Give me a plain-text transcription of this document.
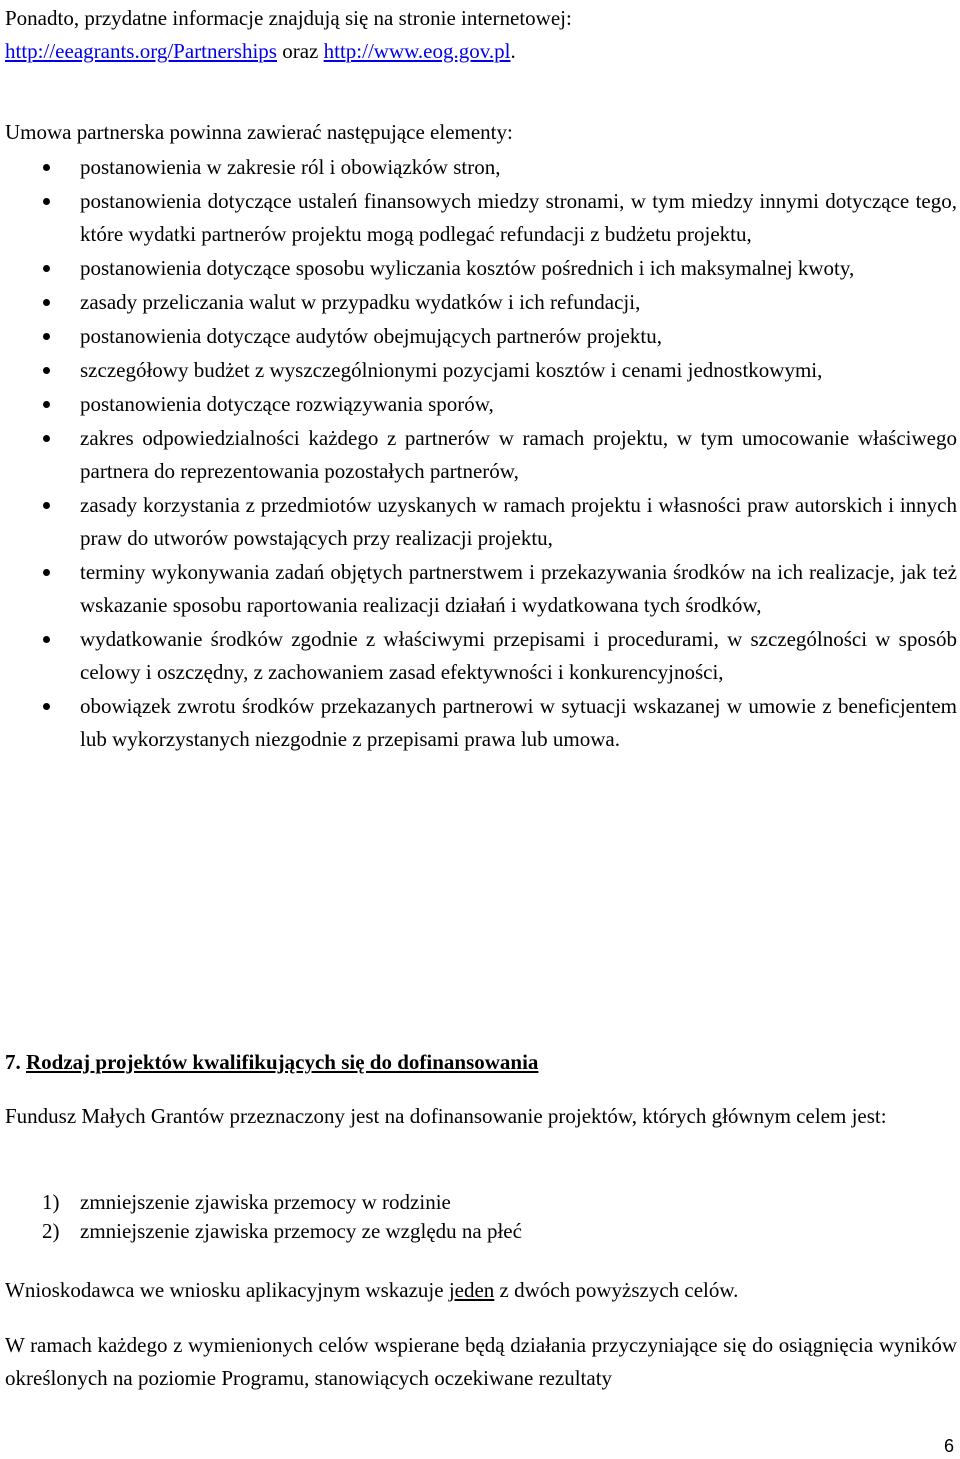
Ponadto, przydatne informacje znajdują się na stronie internetowej:
http://eeagrants.org/Partnerships oraz http://www.eog.gov.pl.

Umowa partnerska powinna zawierać następujące elementy:

postanowienia w zakresie ról i obowiązków stron,
postanowienia dotyczące ustaleń finansowych miedzy stronami, w tym miedzy innymi dotyczące tego, które wydatki partnerów projektu mogą podlegać refundacji z budżetu projektu,
postanowienia dotyczące sposobu wyliczania kosztów pośrednich i ich maksymalnej kwoty,
zasady przeliczania walut w przypadku wydatków i ich refundacji,
postanowienia dotyczące audytów obejmujących partnerów projektu,
szczegółowy budżet z wyszczególnionymi pozycjami kosztów i cenami jednostkowymi,
postanowienia dotyczące rozwiązywania sporów,
zakres odpowiedzialności każdego z partnerów w ramach projektu, w tym umocowanie właściwego partnera do reprezentowania pozostałych partnerów,
zasady korzystania z przedmiotów uzyskanych w ramach projektu i własności praw autorskich i innych praw do utworów powstających przy realizacji projektu,
terminy wykonywania zadań objętych partnerstwem i przekazywania środków na ich realizacje, jak też wskazanie sposobu raportowania realizacji działań i wydatkowana tych środków,
wydatkowanie środków zgodnie z właściwymi przepisami i procedurami, w szczególności w sposób celowy i oszczędny, z zachowaniem zasad efektywności i konkurencyjności,
obowiązek zwrotu środków przekazanych partnerowi w sytuacji wskazanej w umowie z beneficjentem lub wykorzystanych niezgodnie z przepisami prawa lub umowa.
7. Rodzaj projektów kwalifikujących się do dofinansowania

Fundusz Małych Grantów przeznaczony jest na dofinansowanie projektów, których głównym celem jest:

1) zmniejszenie zjawiska przemocy w rodzinie
2) zmniejszenie zjawiska przemocy ze względu na płeć

Wnioskodawca we wniosku aplikacyjnym wskazuje jeden z dwóch powyższych celów.

W ramach każdego z wymienionych celów wspierane będą działania przyczyniające się do osiągnięcia wyników określonych na poziomie Programu, stanowiących oczekiwane rezultaty

6
